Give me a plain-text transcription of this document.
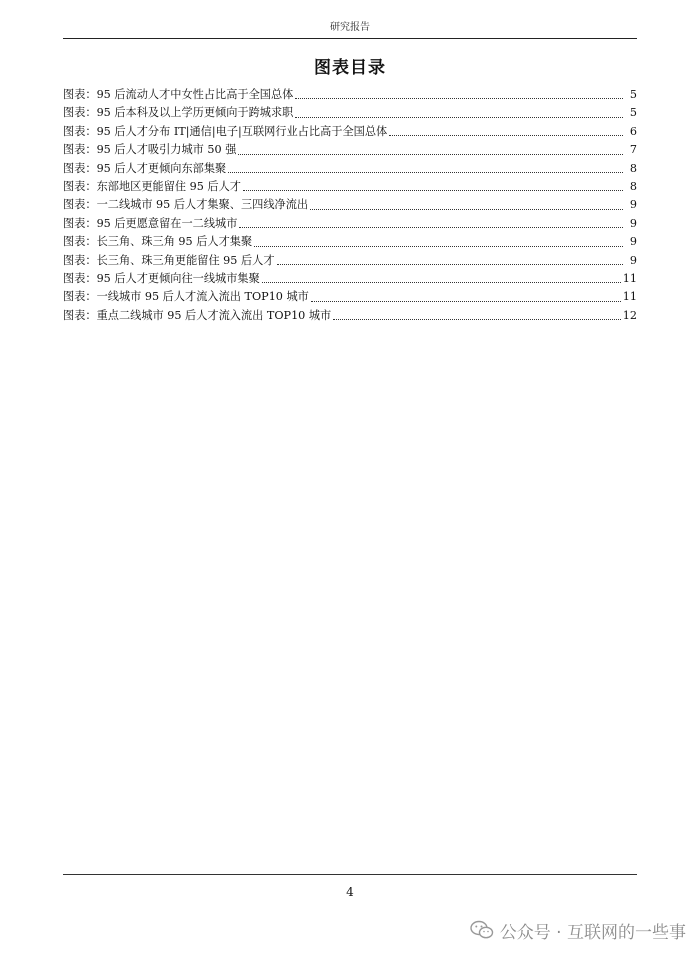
研究报告
图表目录
图表：95 后流动人才中女性占比高于全国总体	5
图表：95 后本科及以上学历更倾向于跨城求职	5
图表：95 后人才分布 IT|通信|电子|互联网行业占比高于全国总体	6
图表：95 后人才吸引力城市 50 强	7
图表：95 后人才更倾向东部集聚	8
图表：东部地区更能留住 95 后人才	8
图表：一二线城市 95 后人才集聚、三四线净流出	9
图表：95 后更愿意留在一二线城市	9
图表：长三角、珠三角 95 后人才集聚	9
图表：长三角、珠三角更能留住 95 后人才	9
图表：95 后人才更倾向往一线城市集聚	11
图表：一线城市 95 后人才流入流出 TOP10 城市	11
图表：重点二线城市 95 后人才流入流出 TOP10 城市	12
4
公众号 · 互联网的一些事
